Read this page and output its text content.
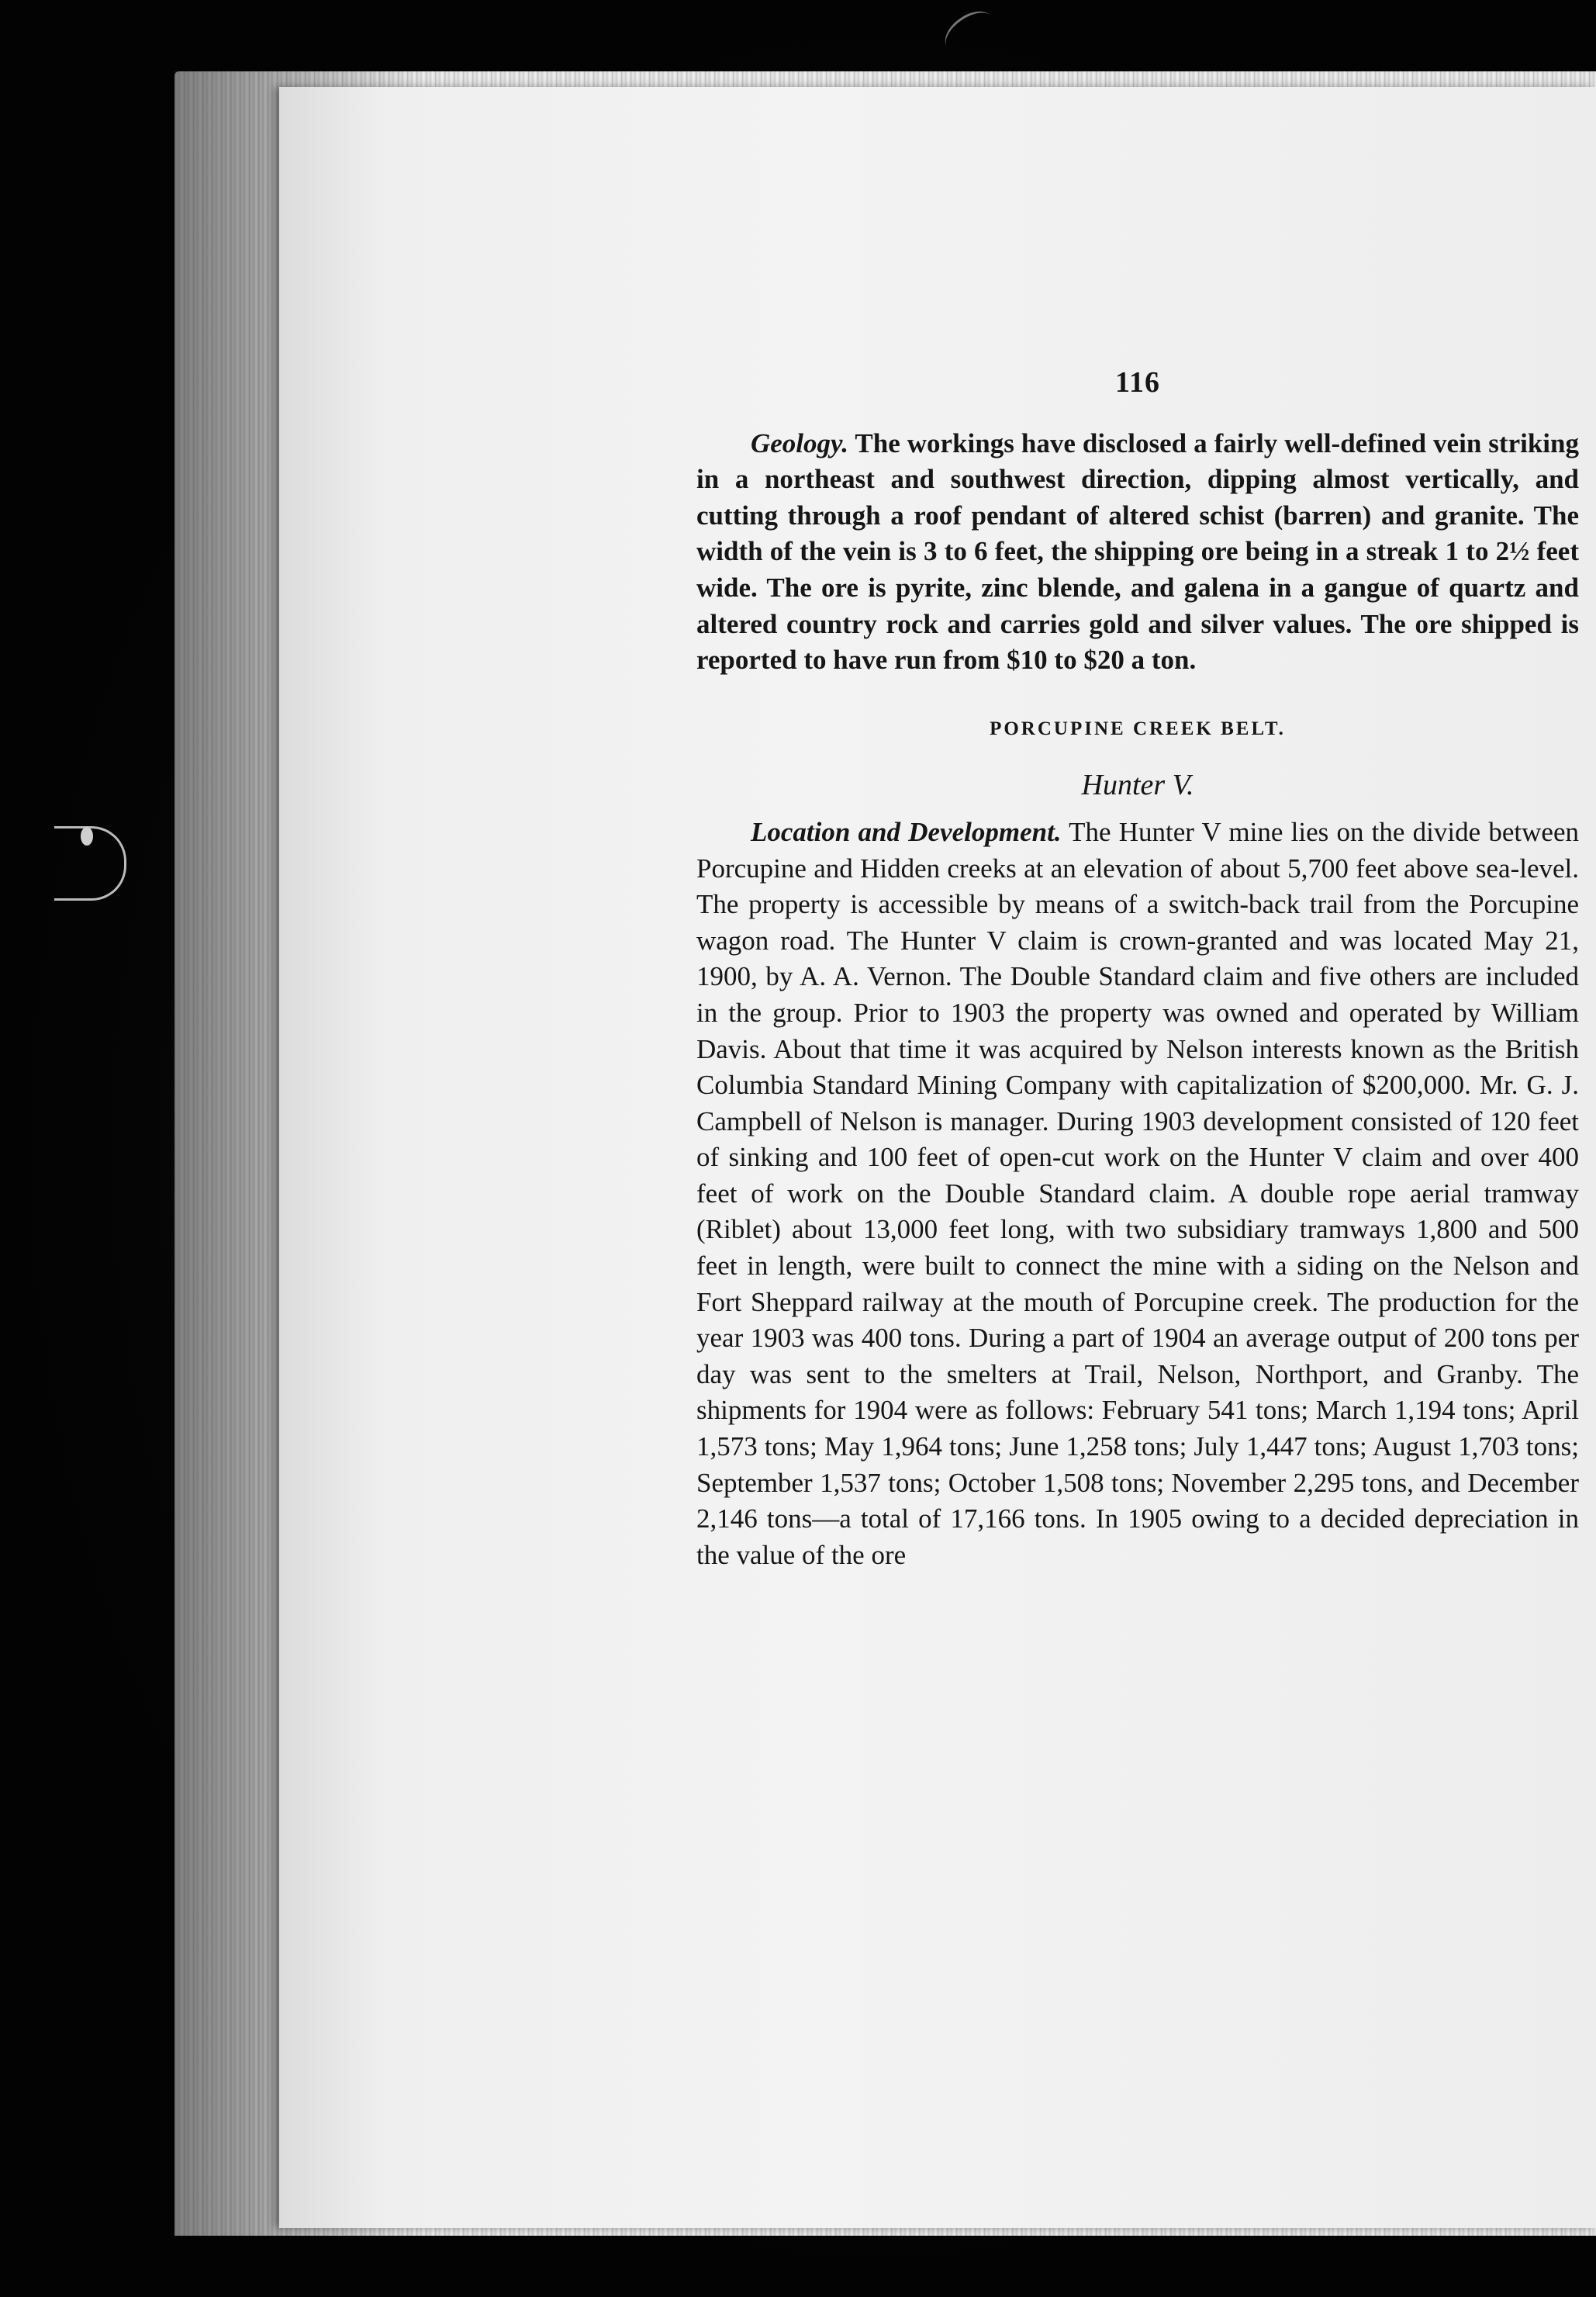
116

Geology. The workings have disclosed a fairly well-defined vein striking in a northeast and southwest direction, dipping almost vertically, and cutting through a roof pendant of altered schist (barren) and granite. The width of the vein is 3 to 6 feet, the shipping ore being in a streak 1 to 2½ feet wide. The ore is pyrite, zinc blende, and galena in a gangue of quartz and altered country rock and carries gold and silver values. The ore shipped is reported to have run from $10 to $20 a ton.

PORCUPINE CREEK BELT.
Hunter V.

Location and Development. The Hunter V mine lies on the divide between Porcupine and Hidden creeks at an elevation of about 5,700 feet above sea-level. The property is accessible by means of a switch-back trail from the Porcupine wagon road. The Hunter V claim is crown-granted and was located May 21, 1900, by A. A. Vernon. The Double Standard claim and five others are included in the group. Prior to 1903 the property was owned and operated by William Davis. About that time it was acquired by Nelson interests known as the British Columbia Standard Mining Company with capitalization of $200,000. Mr. G. J. Campbell of Nelson is manager. During 1903 development consisted of 120 feet of sinking and 100 feet of open-cut work on the Hunter V claim and over 400 feet of work on the Double Standard claim. A double rope aerial tramway (Riblet) about 13,000 feet long, with two subsidiary tramways 1,800 and 500 feet in length, were built to connect the mine with a siding on the Nelson and Fort Sheppard railway at the mouth of Porcupine creek. The production for the year 1903 was 400 tons. During a part of 1904 an average output of 200 tons per day was sent to the smelters at Trail, Nelson, Northport, and Granby. The shipments for 1904 were as follows: February 541 tons; March 1,194 tons; April 1,573 tons; May 1,964 tons; June 1,258 tons; July 1,447 tons; August 1,703 tons; September 1,537 tons; October 1,508 tons; November 2,295 tons, and December 2,146 tons—a total of 17,166 tons. In 1905 owing to a decided depreciation in the value of the ore
